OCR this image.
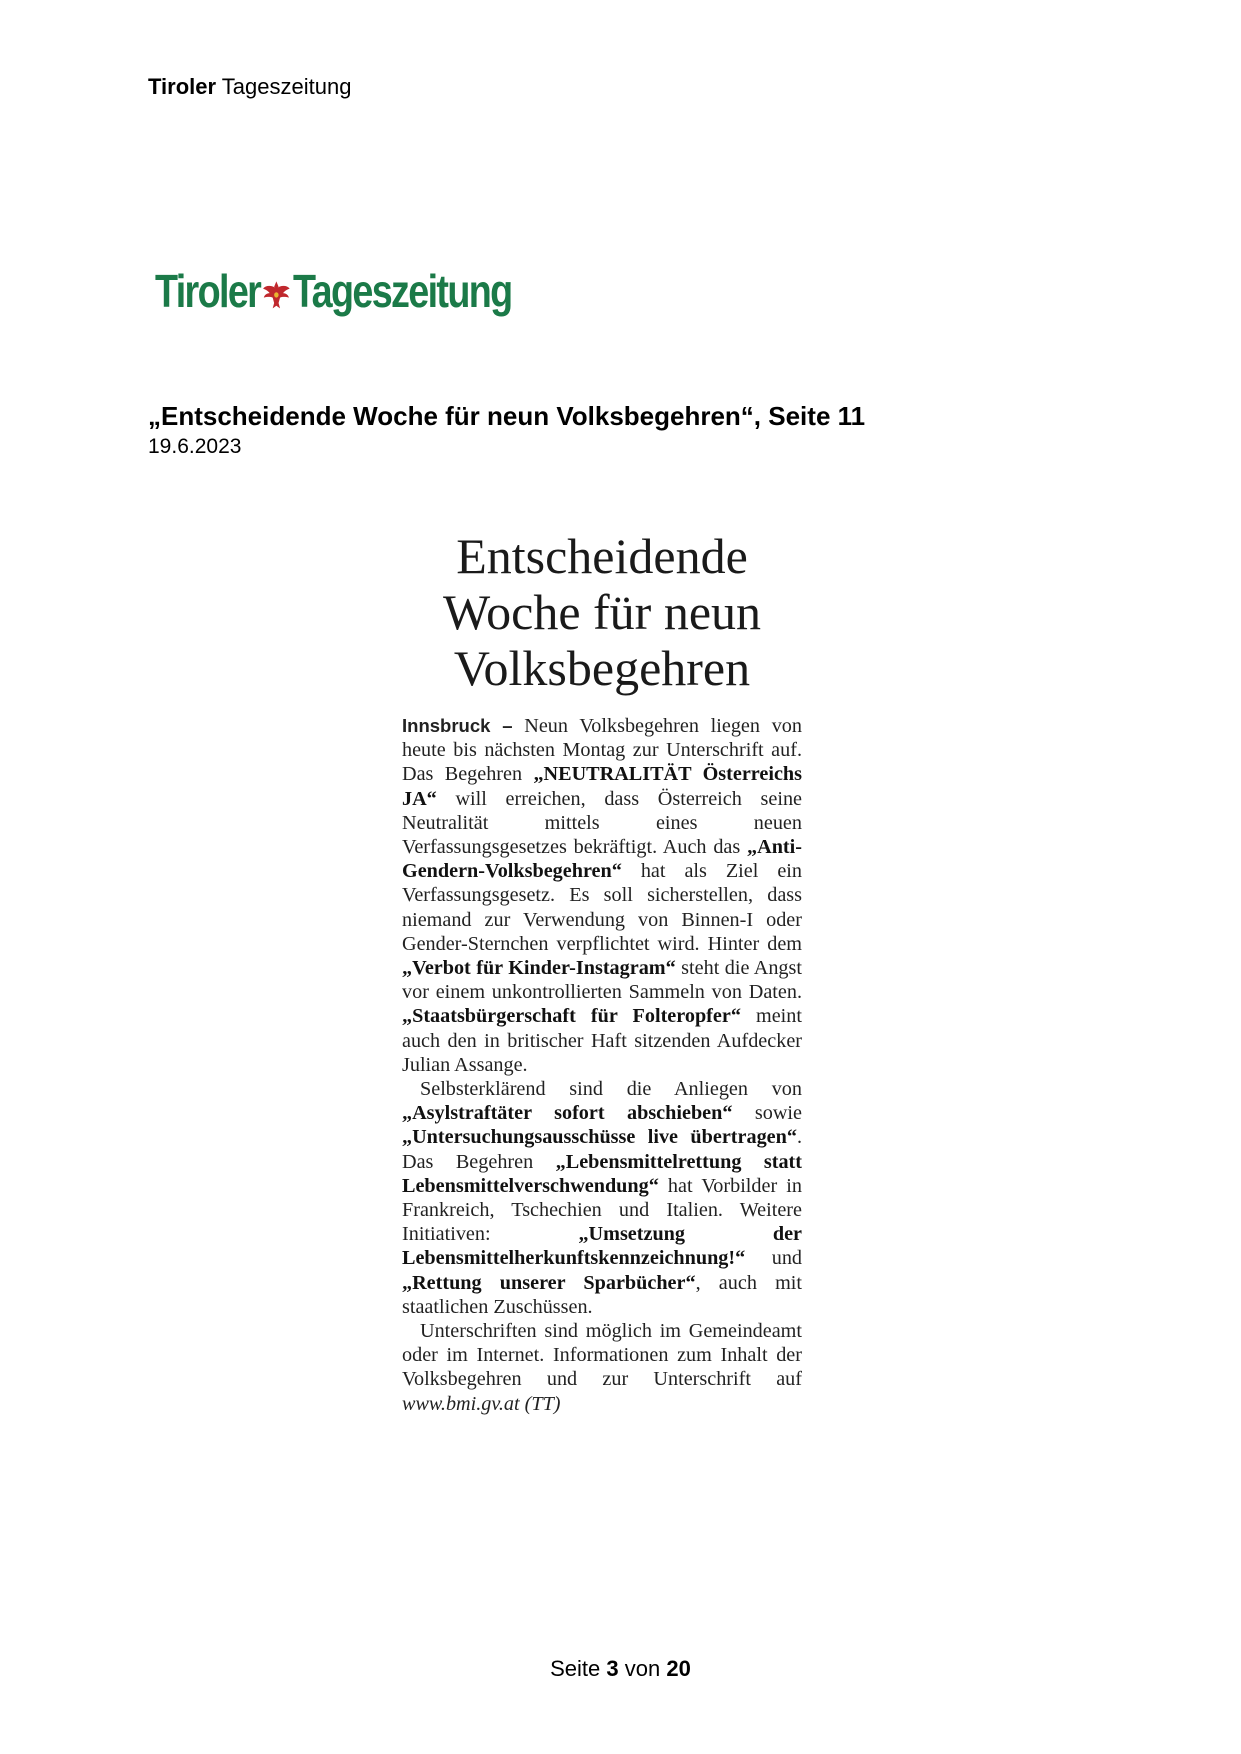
Tiroler Tageszeitung
Tiroler Tageszeitung
„Entscheidende Woche für neun Volksbegehren“, Seite 11
19.6.2023
Entscheidende
Woche für neun
Volksbegehren

Innsbruck – Neun Volksbegehren liegen von heute bis nächsten Montag zur Unterschrift auf. Das Begehren „NEUTRALITÄT Österreichs JA“ will erreichen, dass Österreich seine Neutralität mittels eines neuen Verfassungsgesetzes bekräftigt. Auch das „Anti-Gendern-Volksbegehren“ hat als Ziel ein Verfassungsgesetz. Es soll sicherstellen, dass niemand zur Verwendung von Binnen-I oder Gender-Sternchen verpflichtet wird. Hinter dem „Verbot für Kinder-Instagram“ steht die Angst vor einem unkontrollierten Sammeln von Daten. „Staatsbürgerschaft für Folteropfer“ meint auch den in britischer Haft sitzenden Aufdecker Julian Assange.

Selbsterklärend sind die Anliegen von „Asylstraftäter sofort abschieben“ sowie „Untersuchungsausschüsse live übertragen“. Das Begehren „Lebensmittelrettung statt Lebensmittelverschwendung“ hat Vorbilder in Frankreich, Tschechien und Italien. Weitere Initiativen: „Umsetzung der Lebensmittelherkunftskennzeichnung!“ und „Rettung unserer Sparbücher“, auch mit staatlichen Zuschüssen.

Unterschriften sind möglich im Gemeindeamt oder im Internet. Informationen zum Inhalt der Volksbegehren und zur Unterschrift auf www.bmi.gv.at (TT)

Seite 3 von 20
